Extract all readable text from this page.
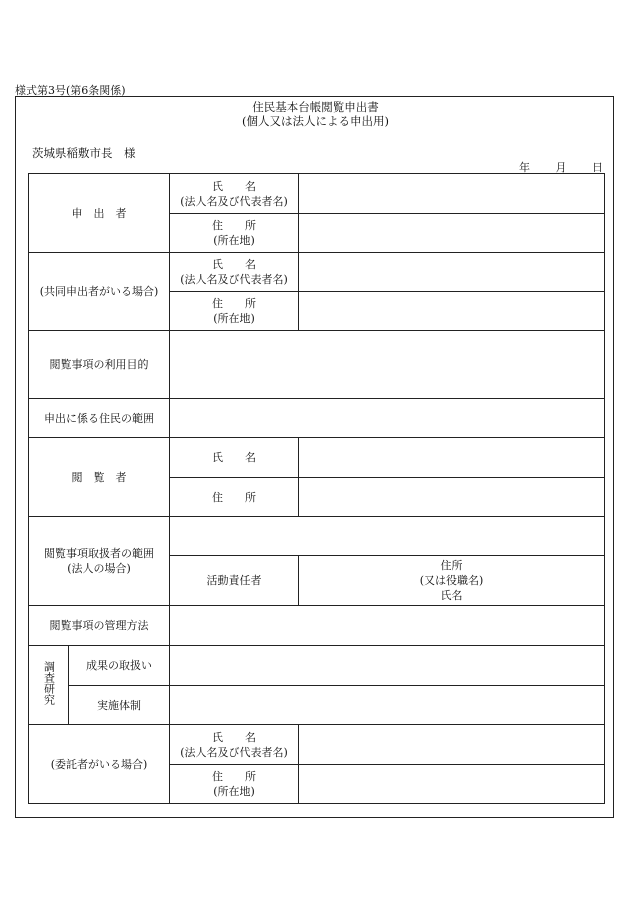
様式第3号(第6条関係)
住民基本台帳閲覧申出書
(個人又は法人による申出用)
茨城県稲敷市長　様
年 月 日
申　出　者		氏　　名
(法人名及び代表者名)	

		住　　所
(所在地)	

(共同申出者がいる場合)		氏　　名
(法人名及び代表者名)	

		住　　所
(所在地)	

閲覧事項の利用目的			
申出に係る住民の範囲			
閲　覧　者		氏　　名	
		住　　所	

閲覧事項取扱者の範囲
(法人の場合)			

		活動責任者	住所
(又は役職名)
氏名

閲覧事項の管理方法			
調査研究	成果の取扱い		
	実施体制		
(委託者がいる場合)		氏　　名
(法人名及び代表者名)	

		住　　所
(所在地)	
